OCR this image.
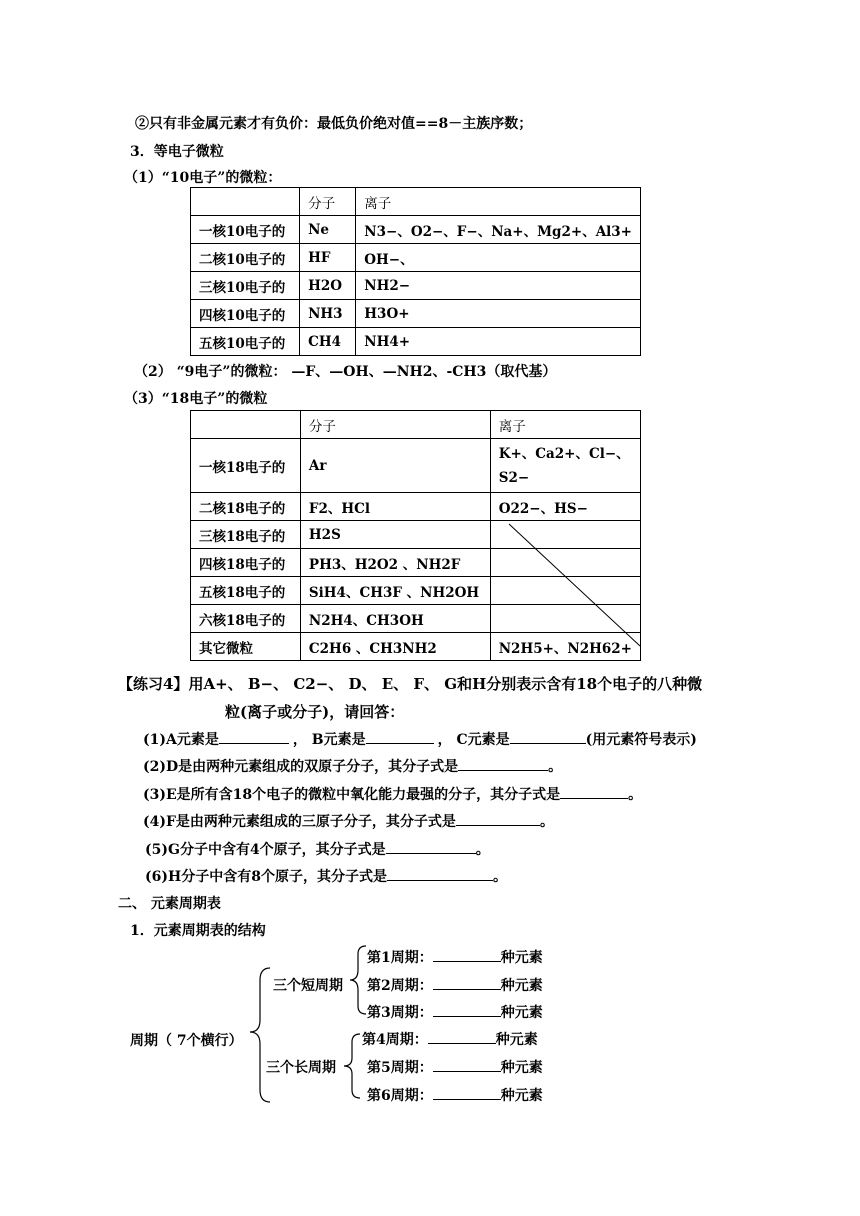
②只有非金属元素才有负价：最低负价绝对值==8－主族序数；
3．等电子微粒
（1）“10电子”的微粒：
	分子	离子
一核10电子的	Ne	N3−、O2−、F−、Na+、Mg2+、Al3+
二核10电子的	HF	OH−、
三核10电子的	H2O	NH2−
四核10电子的	NH3	H3O+
五核10电子的	CH4	NH4+
（2） “9电子”的微粒： —F、—OH、—NH2、-CH3（取代基）
（3）“18电子”的微粒
	分子	离子
一核18电子的	Ar	K+、Ca2+、Cl−、S2−
二核18电子的	F2、HCl	O22−、HS−
三核18电子的	H2S	
四核18电子的	PH3、H2O2 、NH2F	
五核18电子的	SiH4、CH3F 、NH2OH	
六核18电子的	N2H4、CH3OH	
其它微粒	C2H6 、CH3NH2	N2H5+、N2H62+
【练习4】用A+、 B−、 C2−、 D、 E、 F、 G和H分别表示含有18个电子的八种微
粒(离子或分子)，请回答：
(1)A元素是	， B元素是	， C元素是	(用元素符号表示)
(2)D是由两种元素组成的双原子分子，其分子式是	。
(3)E是所有含18个电子的微粒中氧化能力最强的分子，其分子式是	。
(4)F是由两种元素组成的三原子分子，其分子式是	。
(5)G分子中含有4个原子，其分子式是	。
(6)H分子中含有8个原子，其分子式是	。
二、 元素周期表
1．元素周期表的结构
周期（ 7个横行）
三个短周期
三个长周期
第1周期：	种元素
第2周期：	种元素
第3周期：	种元素
第4周期：	种元素
第5周期：	种元素
第6周期：	种元素
